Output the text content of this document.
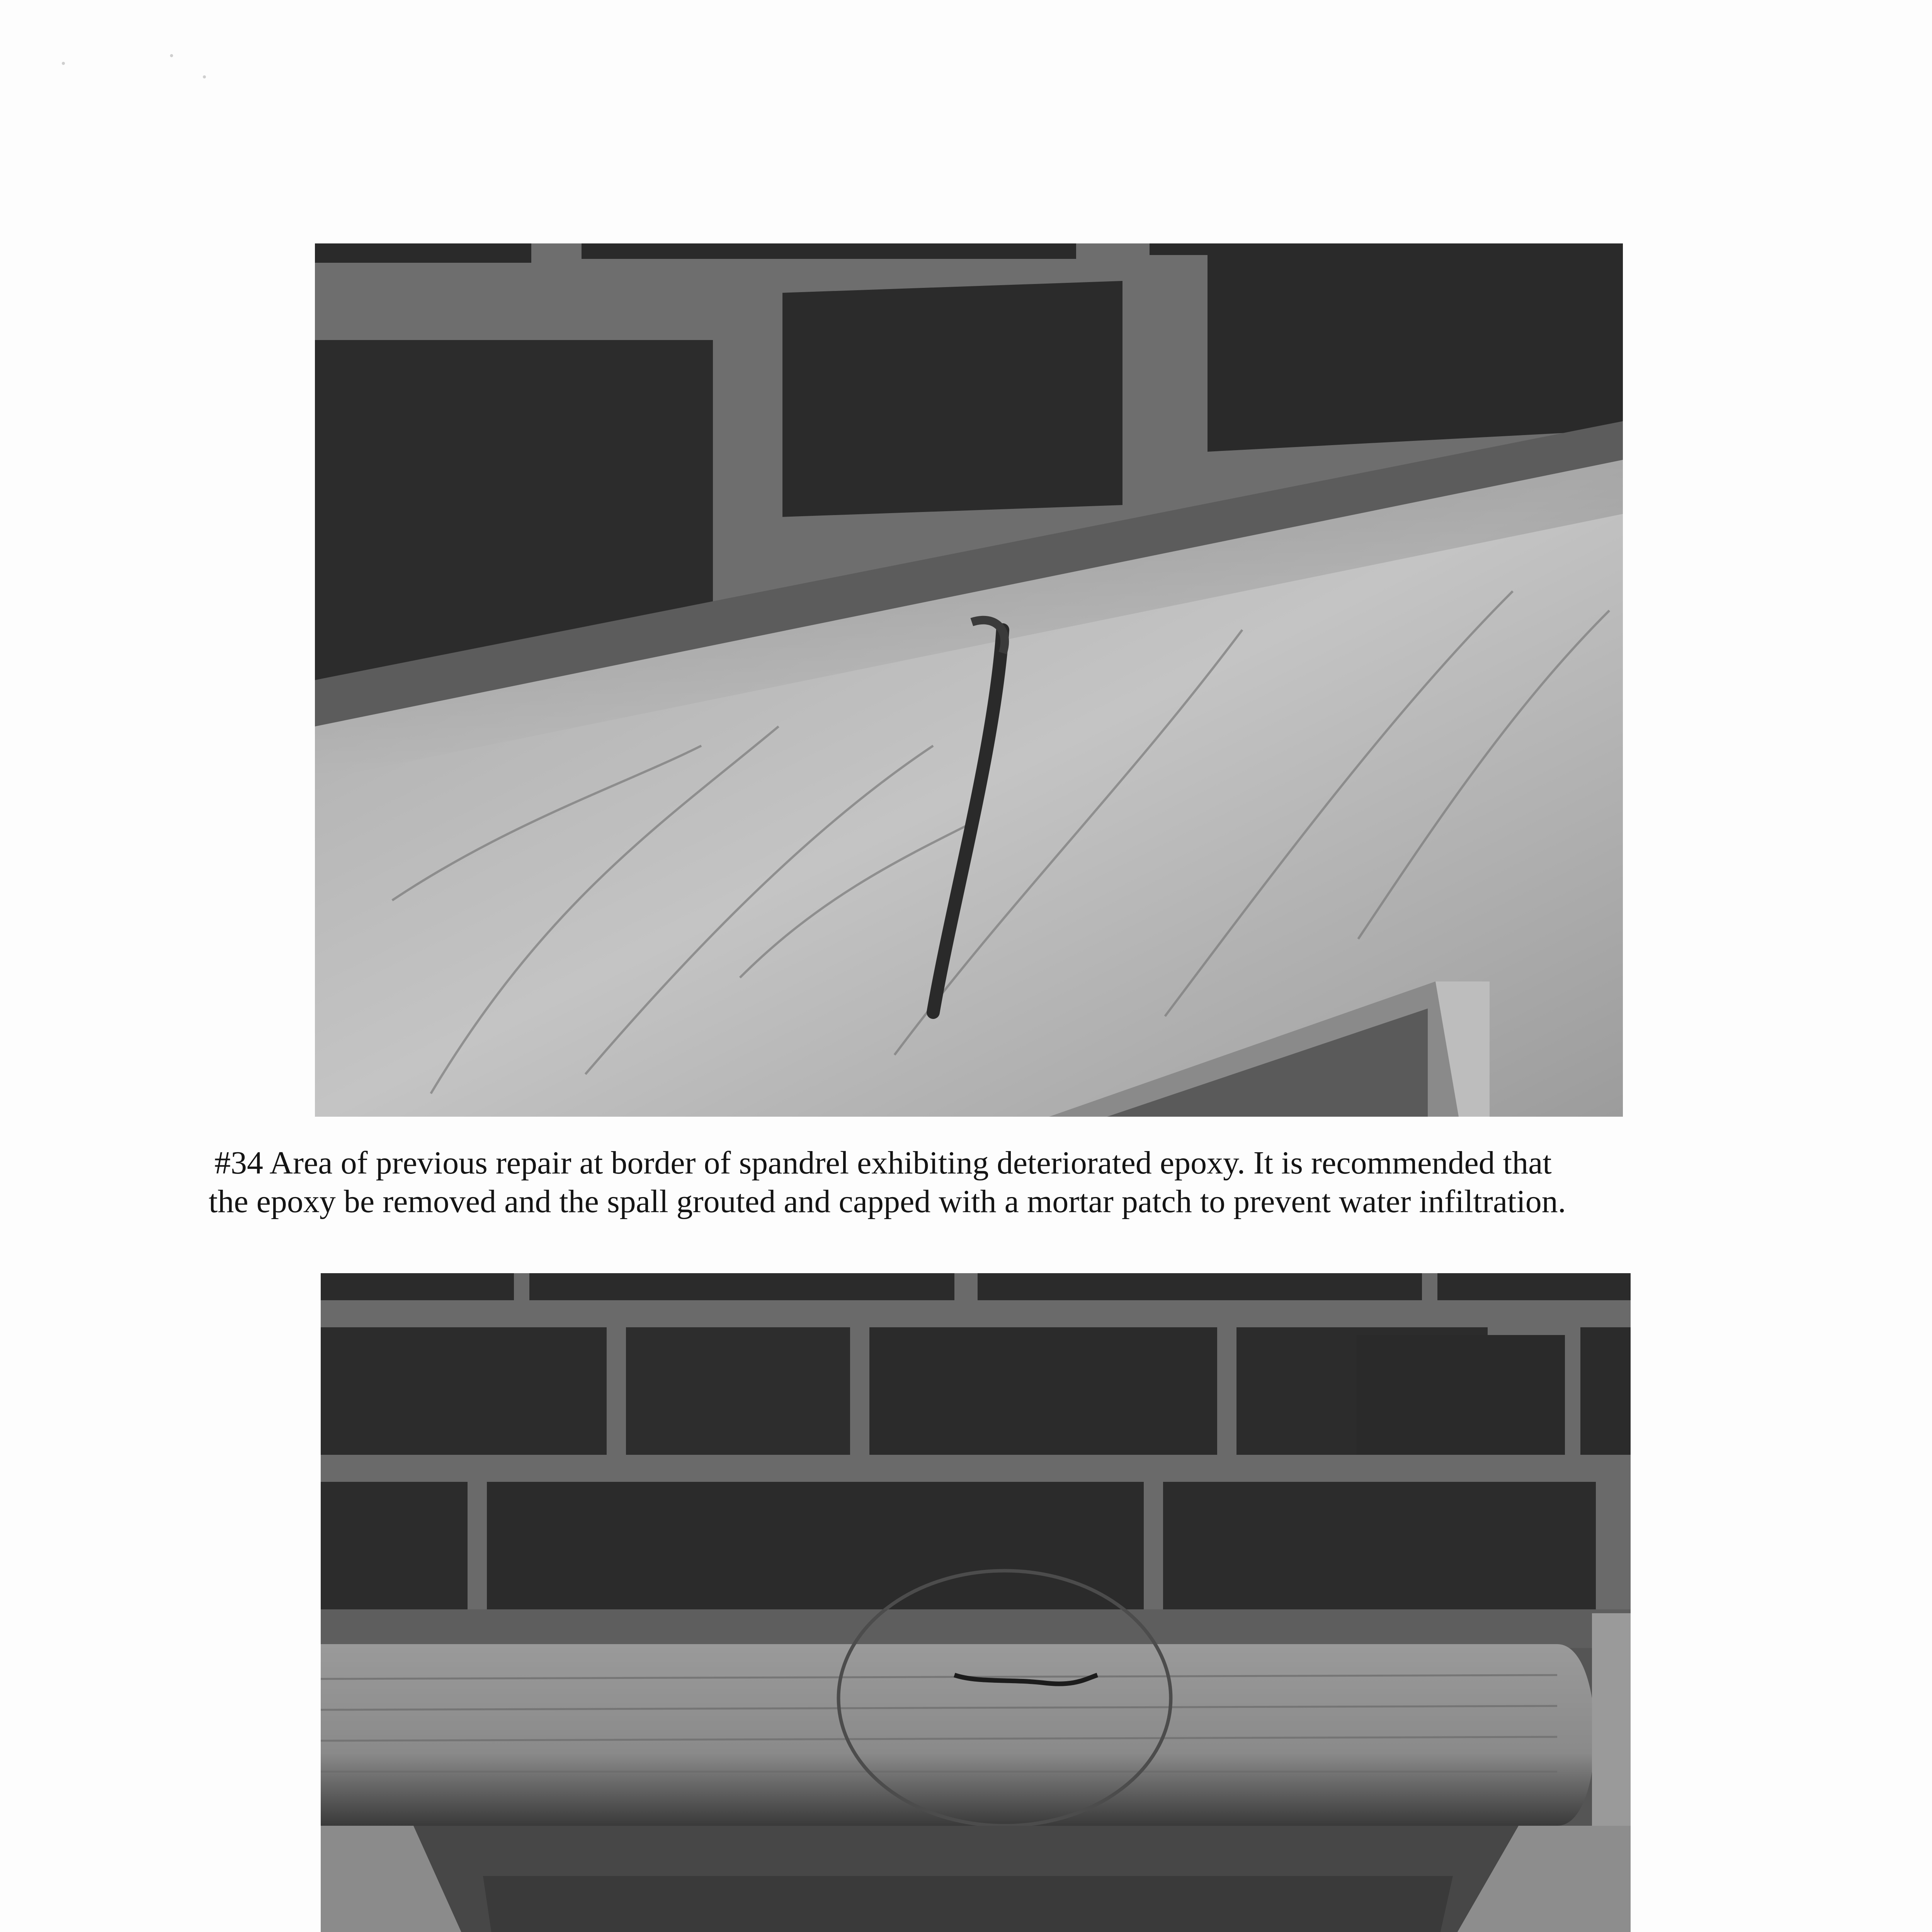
#34 Area of previous repair at border of spandrel exhibiting deteriorated epoxy. It is recommended that
the epoxy be removed and the spall grouted and capped with a mortar patch to prevent water infiltration.
